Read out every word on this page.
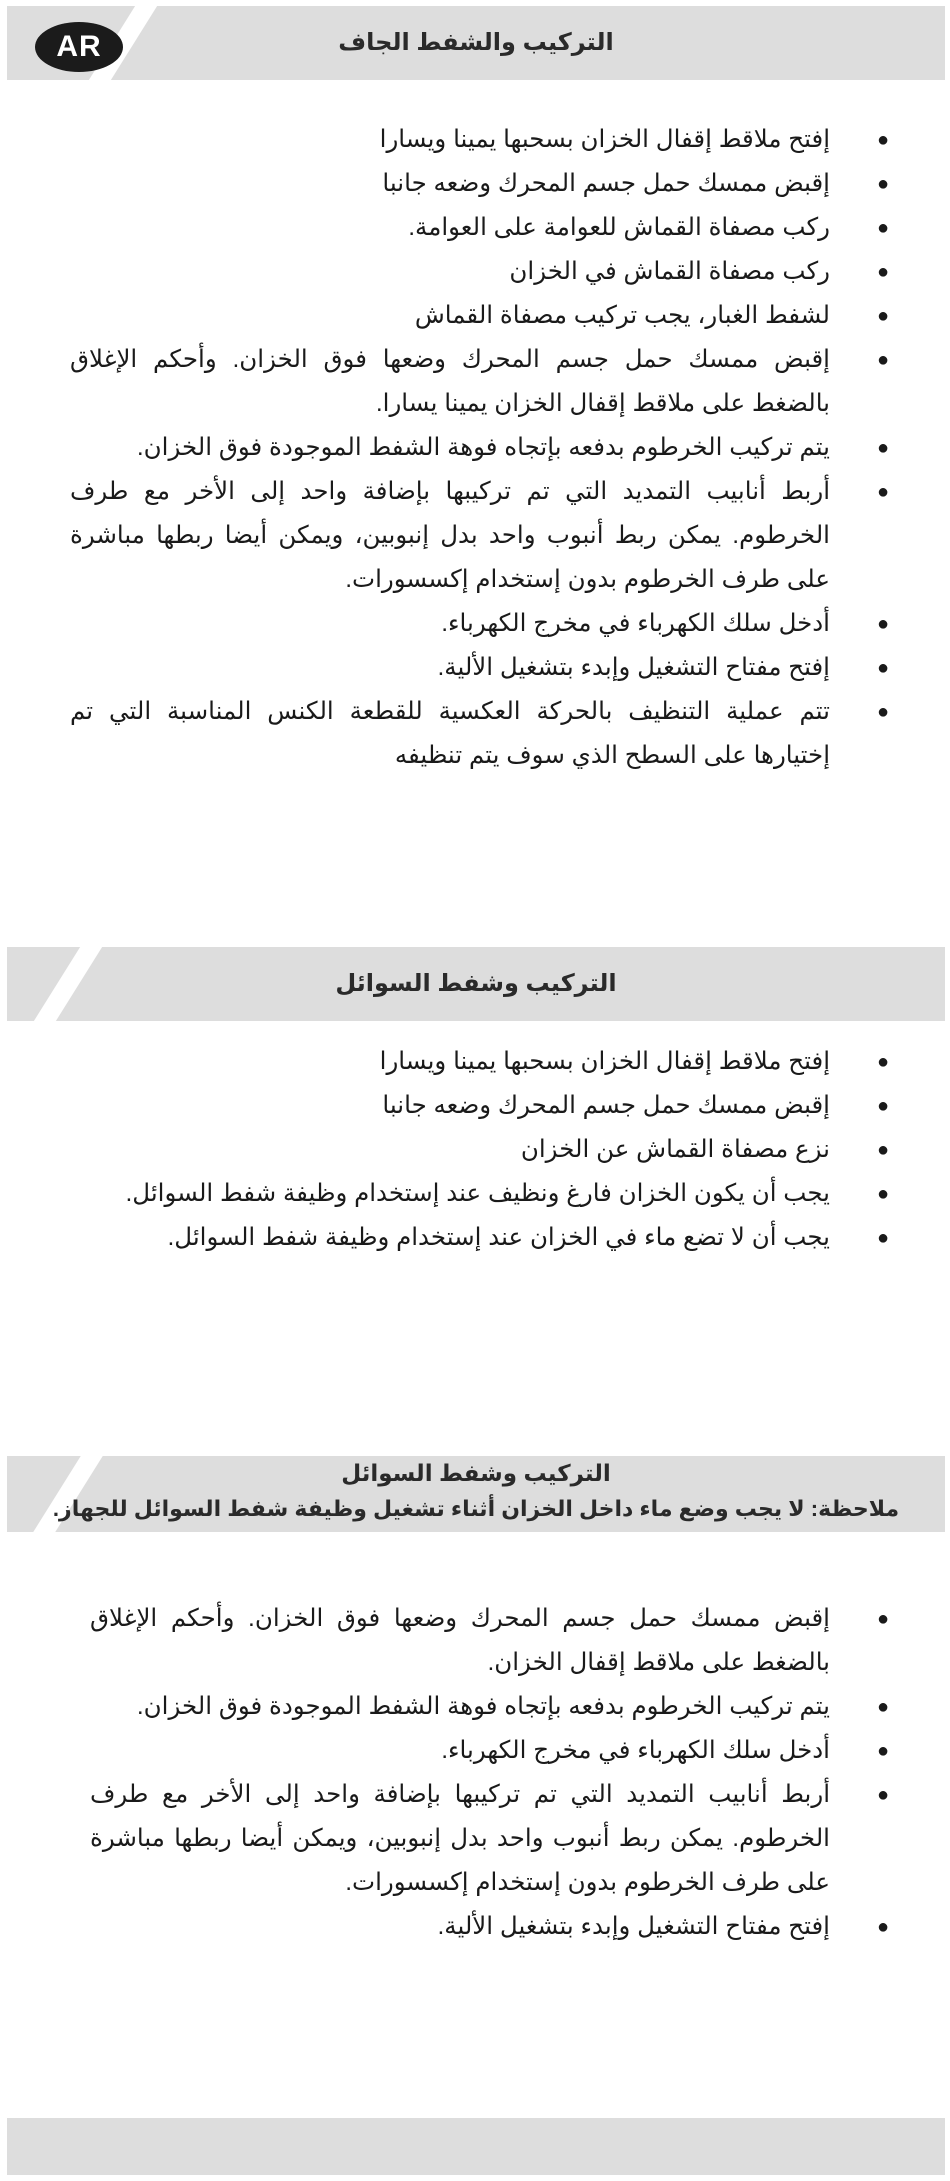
AR	التركيب والشفط الجاف
●
إفتح ملاقط إقفال الخزان بسحبها يمينا ويسارا
●
إقبض ممسك حمل جسم المحرك وضعه جانبا
●
ركب مصفاة القماش للعوامة على العوامة.
●
ركب مصفاة القماش في الخزان
●
لشفط الغبار، يجب تركيب مصفاة القماش
●
إقبض ممسك حمل جسم المحرك وضعها فوق الخزان. وأحكم الإغلاق بالضغط على ملاقط إقفال الخزان يمينا يسارا.
●
يتم تركيب الخرطوم بدفعه بإتجاه فوهة الشفط الموجودة فوق الخزان.
●
أربط أنابيب التمديد التي تم تركيبها بإضافة واحد إلى الأخر مع طرف الخرطوم. يمكن ربط أنبوب واحد بدل إنبوبين، ويمكن أيضا ربطها مباشرة على طرف الخرطوم بدون إستخدام إكسسورات.
●
أدخل سلك الكهرباء في مخرج الكهرباء.
●
إفتح مفتاح التشغيل وإبدء بتشغيل الألية.
●
تتم عملية التنظيف بالحركة العكسية للقطعة الكنس المناسبة التي تم إختيارها على السطح الذي سوف يتم تنظيفه
التركيب وشفط السوائل
●
إفتح ملاقط إقفال الخزان بسحبها يمينا ويسارا
●
إقبض ممسك حمل جسم المحرك وضعه جانبا
●
نزع مصفاة القماش عن الخزان
●
يجب أن يكون الخزان فارغ ونظيف عند إستخدام وظيفة شفط السوائل.
●
يجب أن لا تضع ماء في الخزان عند إستخدام وظيفة شفط السوائل.
التركيب وشفط السوائل
ملاحظة: لا يجب وضع ماء داخل الخزان أثناء تشغيل وظيفة شفط السوائل للجهاز.
●
إقبض ممسك حمل جسم المحرك وضعها فوق الخزان. وأحكم الإغلاق بالضغط على ملاقط إقفال الخزان.
●
يتم تركيب الخرطوم بدفعه بإتجاه فوهة الشفط الموجودة فوق الخزان.
●
أدخل سلك الكهرباء في مخرج الكهرباء.
●
أربط أنابيب التمديد التي تم تركيبها بإضافة واحد إلى الأخر مع طرف الخرطوم. يمكن ربط أنبوب واحد بدل إنبوبين، ويمكن أيضا ربطها مباشرة على طرف الخرطوم بدون إستخدام إكسسورات.
●
إفتح مفتاح التشغيل وإبدء بتشغيل الألية.
